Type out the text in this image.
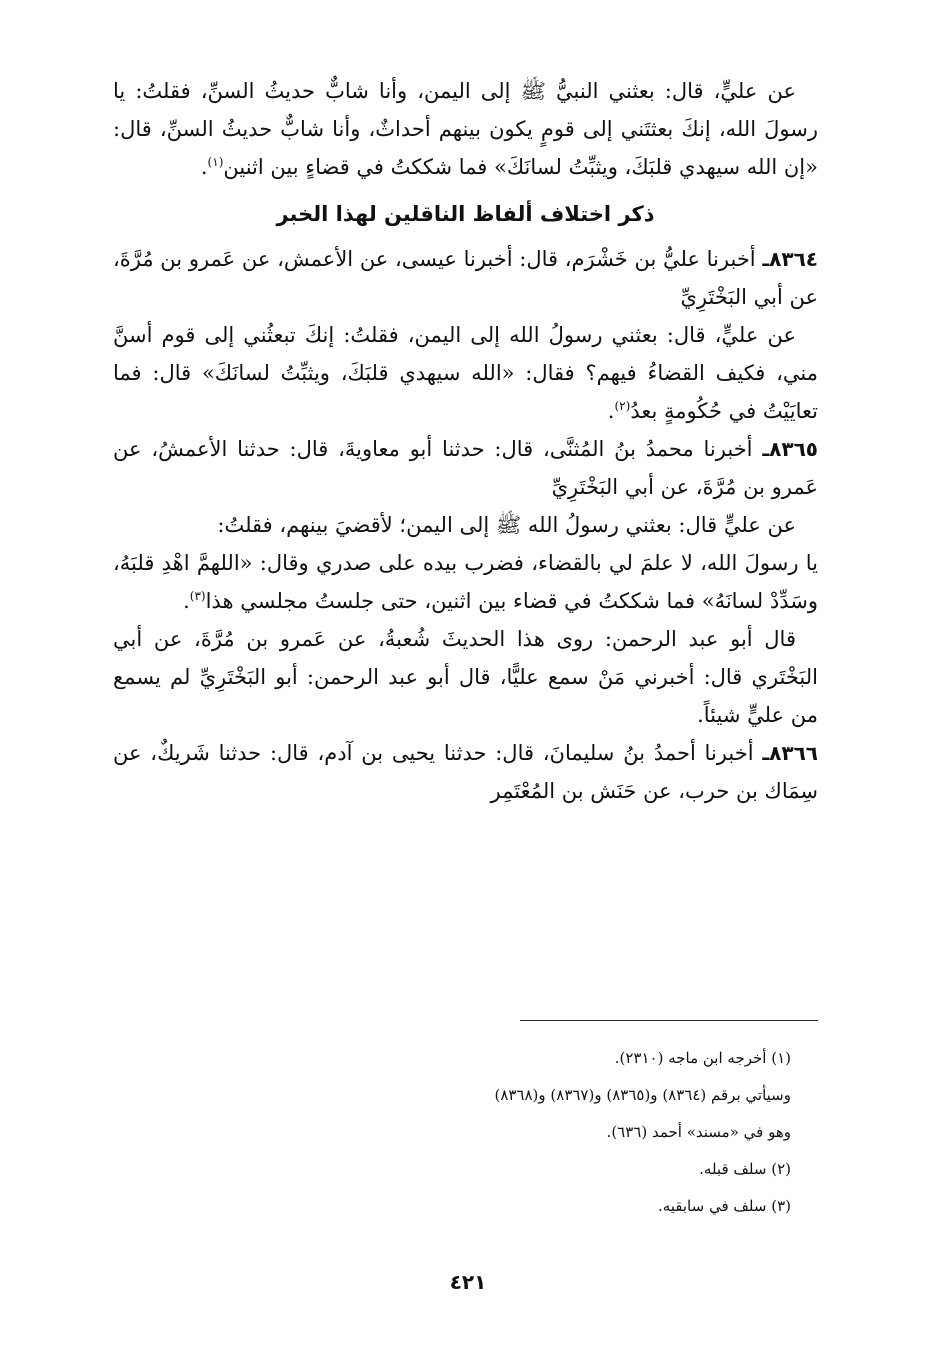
عن عليٍّ، قال: بعثني النبيُّ ﷺ إلى اليمن، وأنا شابٌّ حديثُ السنِّ، فقلتُ: يا رسولَ الله، إنكَ بعثتَني إلى قومٍ يكون بينهم أحداثٌ، وأنا شابٌّ حديثُ السنِّ، قال: «إن الله سيهدي قلبَكَ، ويثبِّتُ لسانَكَ» فما شككتُ في قضاءٍ بين اثنين$^{(١)}$.

ذكر اختلاف ألفاظ الناقلين لهذا الخبر

٨٣٦٤ـ أخبرنا عليُّ بن خَشْرَم، قال: أخبرنا عيسى، عن الأعمش، عن عَمرو بن مُرَّةَ، عن أبي البَخْتَرِيِّ

عن عليٍّ، قال: بعثني رسولُ الله إلى اليمن، فقلتُ: إنكَ تبعثُني إلى قوم أسنَّ مني، فكيف القضاءُ فيهم؟ فقال: «الله سيهدي قلبَكَ، ويثبِّتُ لسانَكَ» قال: فما تعايَيْتُ في حُكُومةٍ بعدُ$^{(٢)}$.

٨٣٦٥ـ أخبرنا محمدُ بنُ المُثنَّى، قال: حدثنا أبو معاويةَ، قال: حدثنا الأعمشُ، عن عَمرو بن مُرَّةَ، عن أبي البَخْتَرِيِّ

عن عليٍّ قال: بعثني رسولُ الله ﷺ إلى اليمن؛ لأقضيَ بينهم، فقلتُ:

يا رسولَ الله، لا علمَ لي بالقضاء، فضرب بيده على صدري وقال: «اللهمَّ اهْدِ قلبَهُ، وسَدِّدْ لسانَهُ» فما شككتُ في قضاء بين اثنين، حتى جلستُ مجلسي هذا$^{(٣)}$.

قال أبو عبد الرحمن: روى هذا الحديثَ شُعبةُ، عن عَمرو بن مُرَّةَ، عن أبي البَخْتَري قال: أخبرني مَنْ سمع عليًّا، قال أبو عبد الرحمن: أبو البَخْتَرِيِّ لم يسمع من عليٍّ شيئاً.

٨٣٦٦ـ أخبرنا أحمدُ بنُ سليمانَ، قال: حدثنا يحيى بن آدم، قال: حدثنا شَريكٌ، عن سِمَاك بن حرب، عن حَنَش بن المُعْتَمِر

(١) أخرجه ابن ماجه (٢٣١٠).

وسيأتي برقم (٨٣٦٤) و(٨٣٦٥) و(٨٣٦٧) و(٨٣٦٨)

وهو في «مسند» أحمد (٦٣٦).

(٢) سلف قبله.

(٣) سلف في سابقيه.

٤٢١
